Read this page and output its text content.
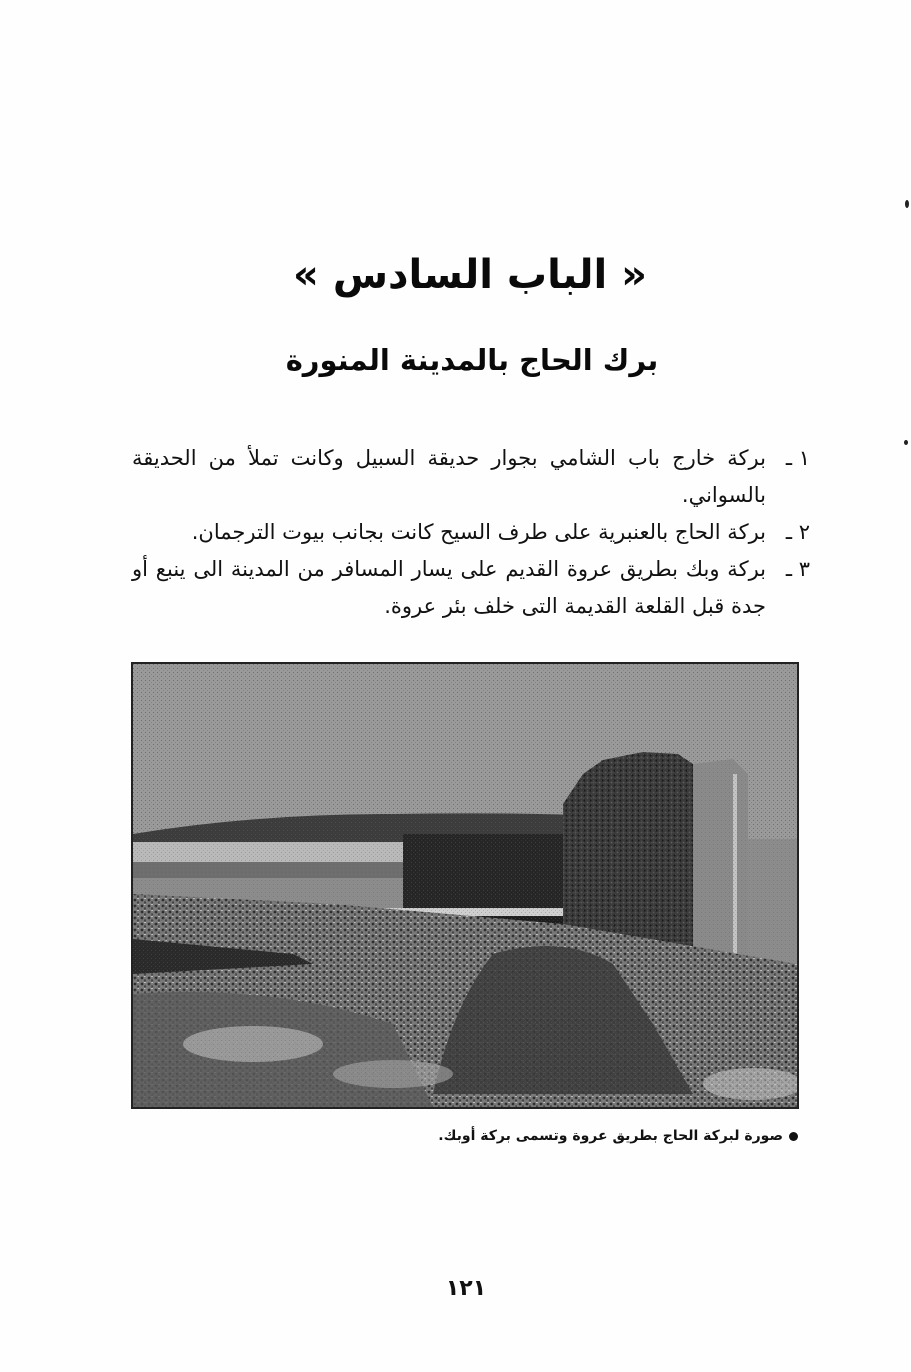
« الباب السادس »
برك الحاج بالمدينة المنورة
١ ـ
بركة خارج باب الشامي بجوار حديقة السبيل وكانت تملأ من الحديقة بالسواني.
٢ ـ
بركة الحاج بالعنبرية على طرف السيح كانت بجانب بيوت الترجمان.
٣ ـ
بركة وبك بطريق عروة القديم على يسار المسافر من المدينة الى ينبع أو جدة قبل القلعة القديمة التى خلف بئر عروة.
صورة لبركة الحاج بطريق عروة وتسمى بركة أوبك.
١٢١
